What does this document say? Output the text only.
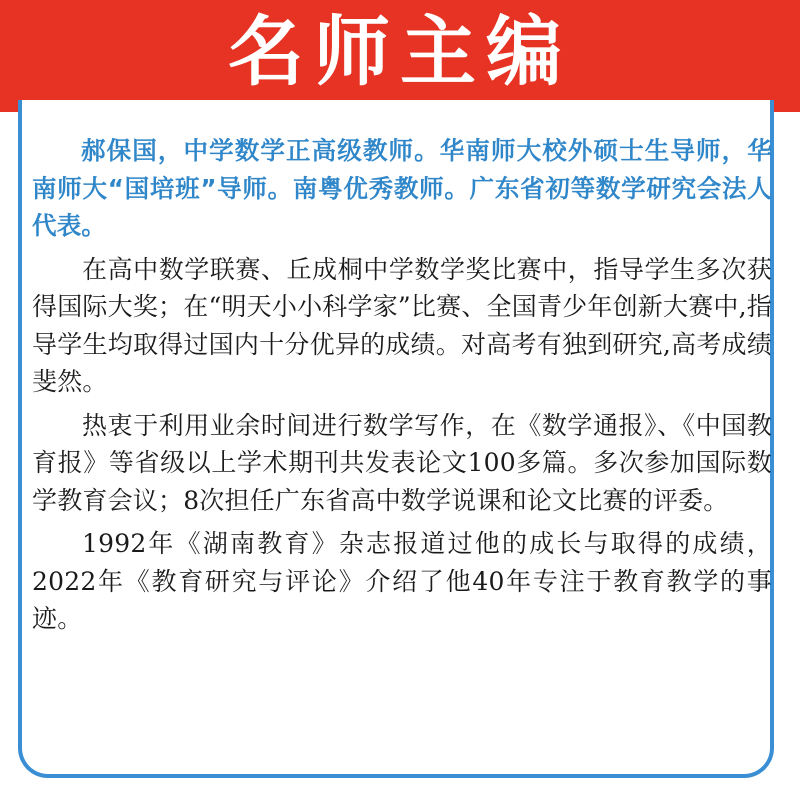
名师主编

郝保国，中学数学正高级教师。华南师大校外硕士生导师，华南师大“国培班”导师。南粤优秀教师。广东省初等数学研究会法人代表。

在高中数学联赛、丘成桐中学数学奖比赛中，指导学生多次获得国际大奖；在“明天小小科学家”比赛、全国青少年创新大赛中,指导学生均取得过国内十分优异的成绩。对高考有独到研究,高考成绩斐然。

热衷于利用业余时间进行数学写作，在《数学通报》、《中国教育报》等省级以上学术期刊共发表论文100多篇。多次参加国际数学教育会议；8次担任广东省高中数学说课和论文比赛的评委。

1992年《湖南教育》杂志报道过他的成长与取得的成绩，2022年《教育研究与评论》介绍了他40年专注于教育教学的事迹。
